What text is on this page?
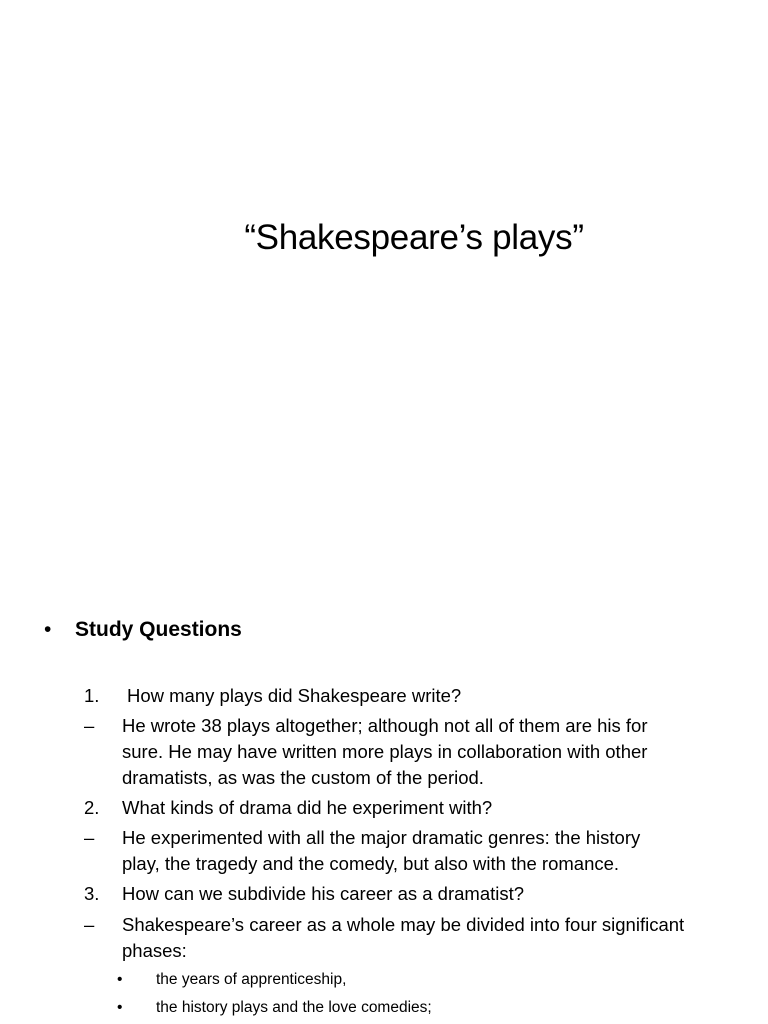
“Shakespeare’s plays”
• Study Questions
1. How many plays did Shakespeare write?
– He wrote 38 plays altogether; although not all of them are his for
sure. He may have written more plays in collaboration with other
dramatists, as was the custom of the period.
2. What kinds of drama did he experiment with?
– He experimented with all the major dramatic genres: the history
play, the tragedy and the comedy, but also with the romance.
3. How can we subdivide his career as a dramatist?
– Shakespeare’s career as a whole may be divided into four significant
phases:
• the years of apprenticeship,
• the history plays and the love comedies;
